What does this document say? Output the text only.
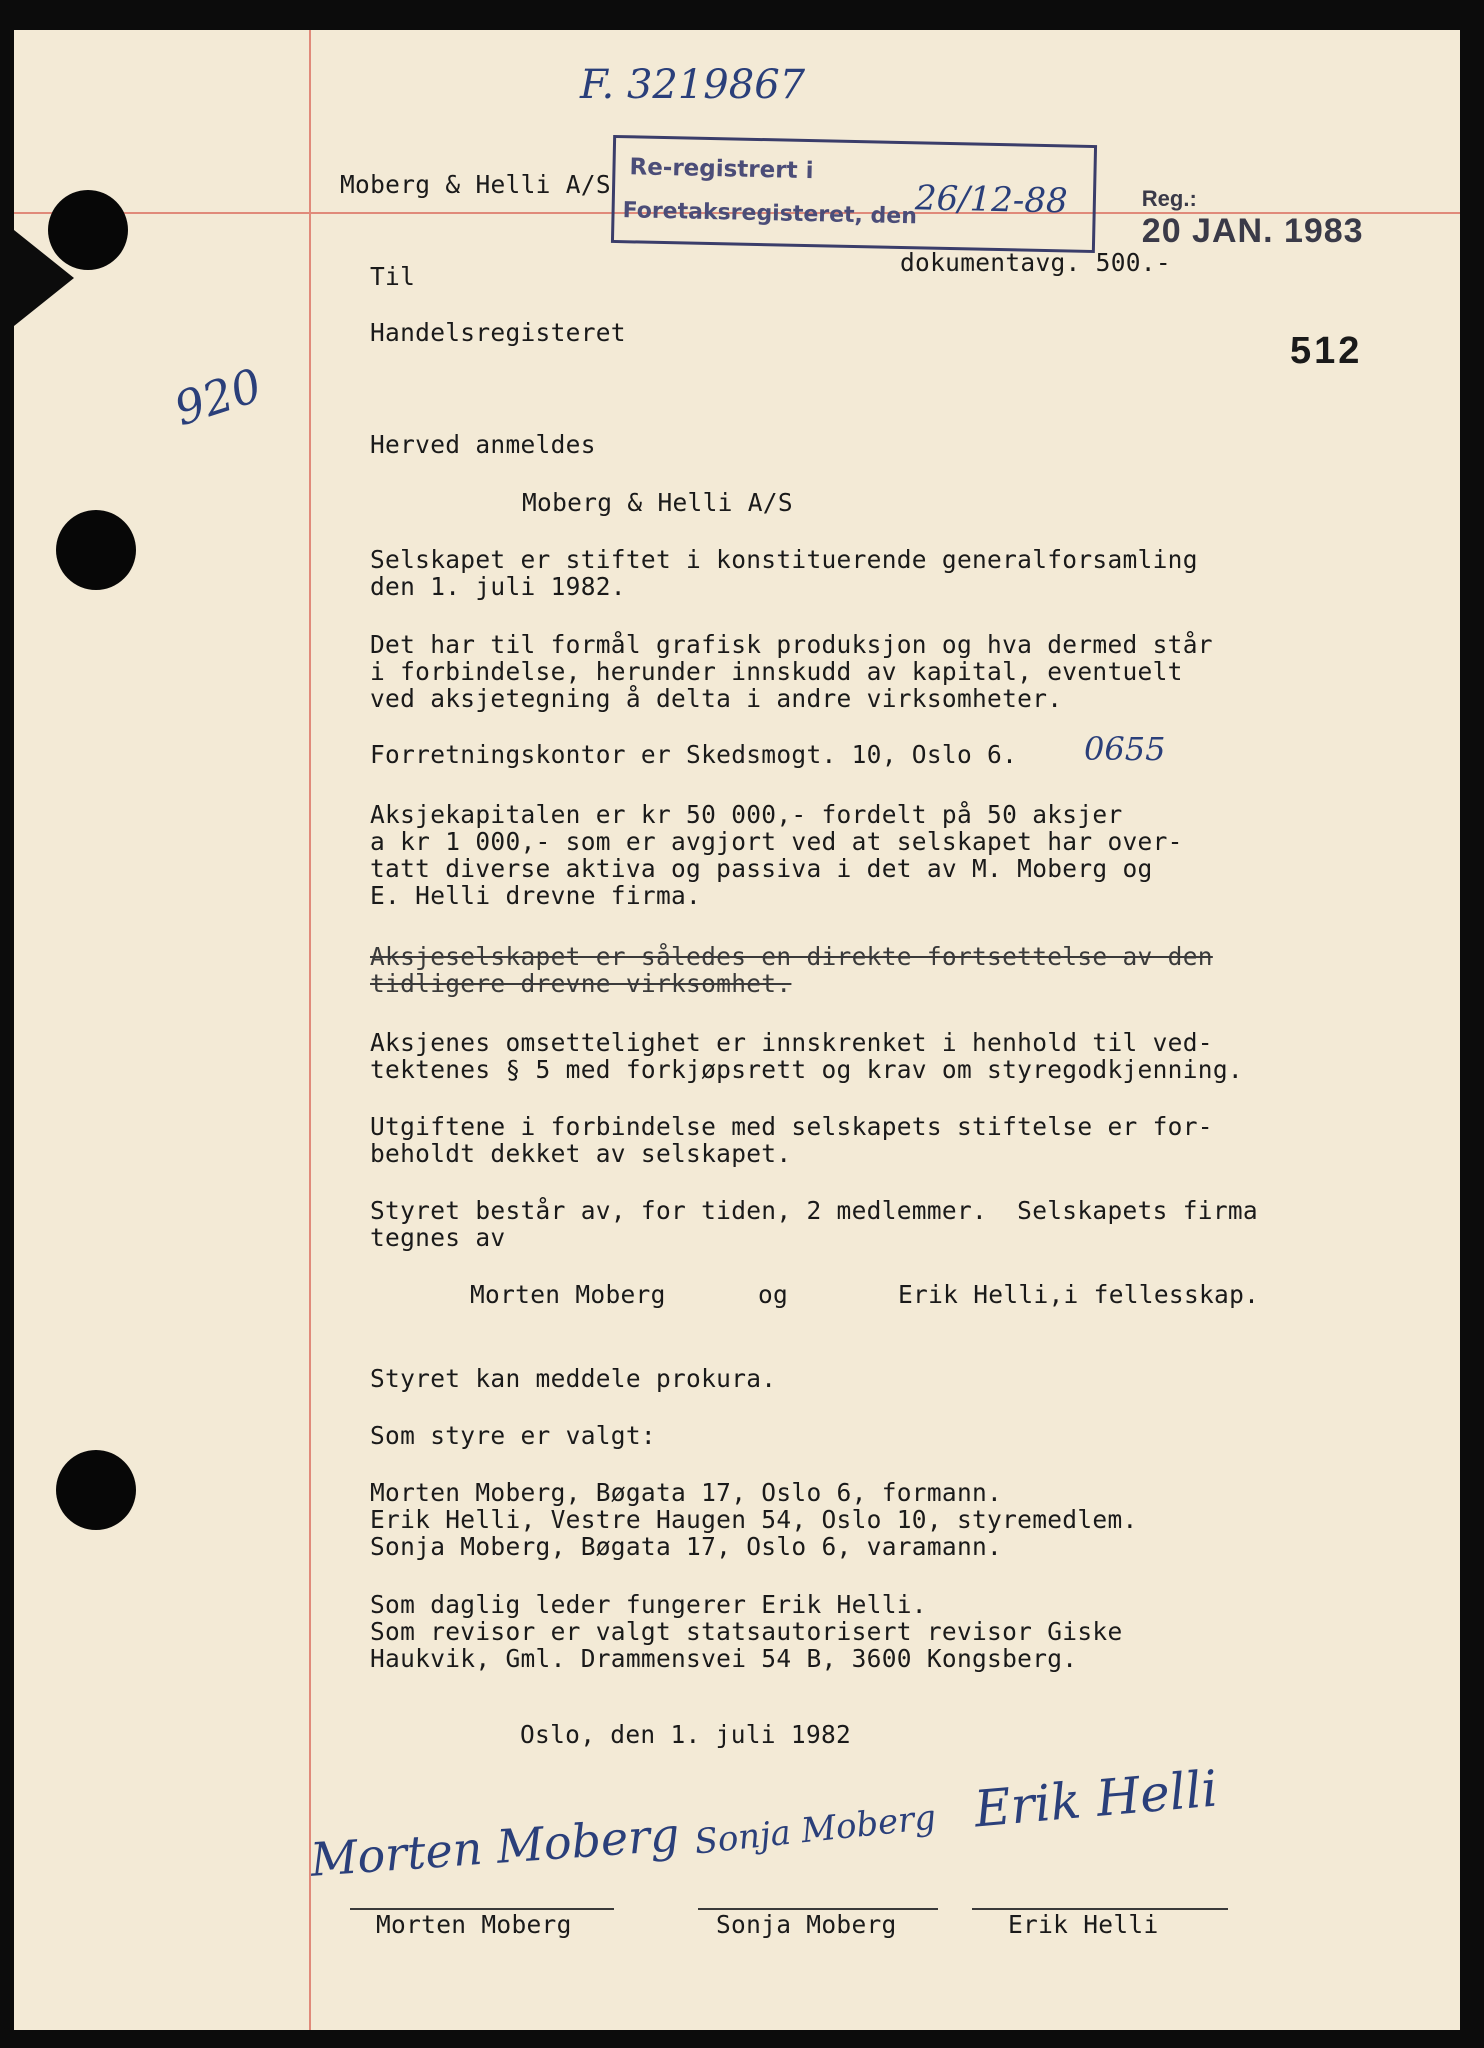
F. 3219867
920
Moberg & Helli A/S
Re-registrert i
Foretaksregisteret, den
26/12-88	Reg.:
20 JAN. 1983

dokumentavg. 500.-
Til
Handelsregisteret	512
Herved anmeldes
Moberg & Helli A/S
Selskapet er stiftet i konstituerende generalforsamling
den 1. juli 1982.
Det har til formål grafisk produksjon og hva dermed står
i forbindelse, herunder innskudd av kapital, eventuelt
ved aksjetegning å delta i andre virksomheter.
Forretningskontor er Skedsmogt. 10, Oslo 6. 0655
Aksjekapitalen er kr 50 000,- fordelt på 50 aksjer
a kr 1 000,- som er avgjort ved at selskapet har over-
tatt diverse aktiva og passiva i det av M. Moberg og
E. Helli drevne firma.
Aksjeselskapet er således en direkte fortsettelse av den
tidligere drevne virksomhet.
Aksjenes omsettelighet er innskrenket i henhold til ved-
tektenes § 5 med forkjøpsrett og krav om styregodkjenning.
Utgiftene i forbindelse med selskapets stiftelse er for-
beholdt dekket av selskapet.
Styret består av, for tiden, 2 medlemmer.  Selskapets firma
tegnes av
Morten Moberg	og	Erik Helli,i fellesskap.
Styret kan meddele prokura.
Som styre er valgt:
Morten Moberg, Bøgata 17, Oslo 6, formann.
Erik Helli, Vestre Haugen 54, Oslo 10, styremedlem.
Sonja Moberg, Bøgata 17, Oslo 6, varamann.
Som daglig leder fungerer Erik Helli.
Som revisor er valgt statsautorisert revisor Giske
Haukvik, Gml. Drammensvei 54 B, 3600 Kongsberg.
Oslo, den 1. juli 1982
Morten Moberg Sonja Moberg Erik Helli
Morten Moberg	Sonja Moberg	Erik Helli
